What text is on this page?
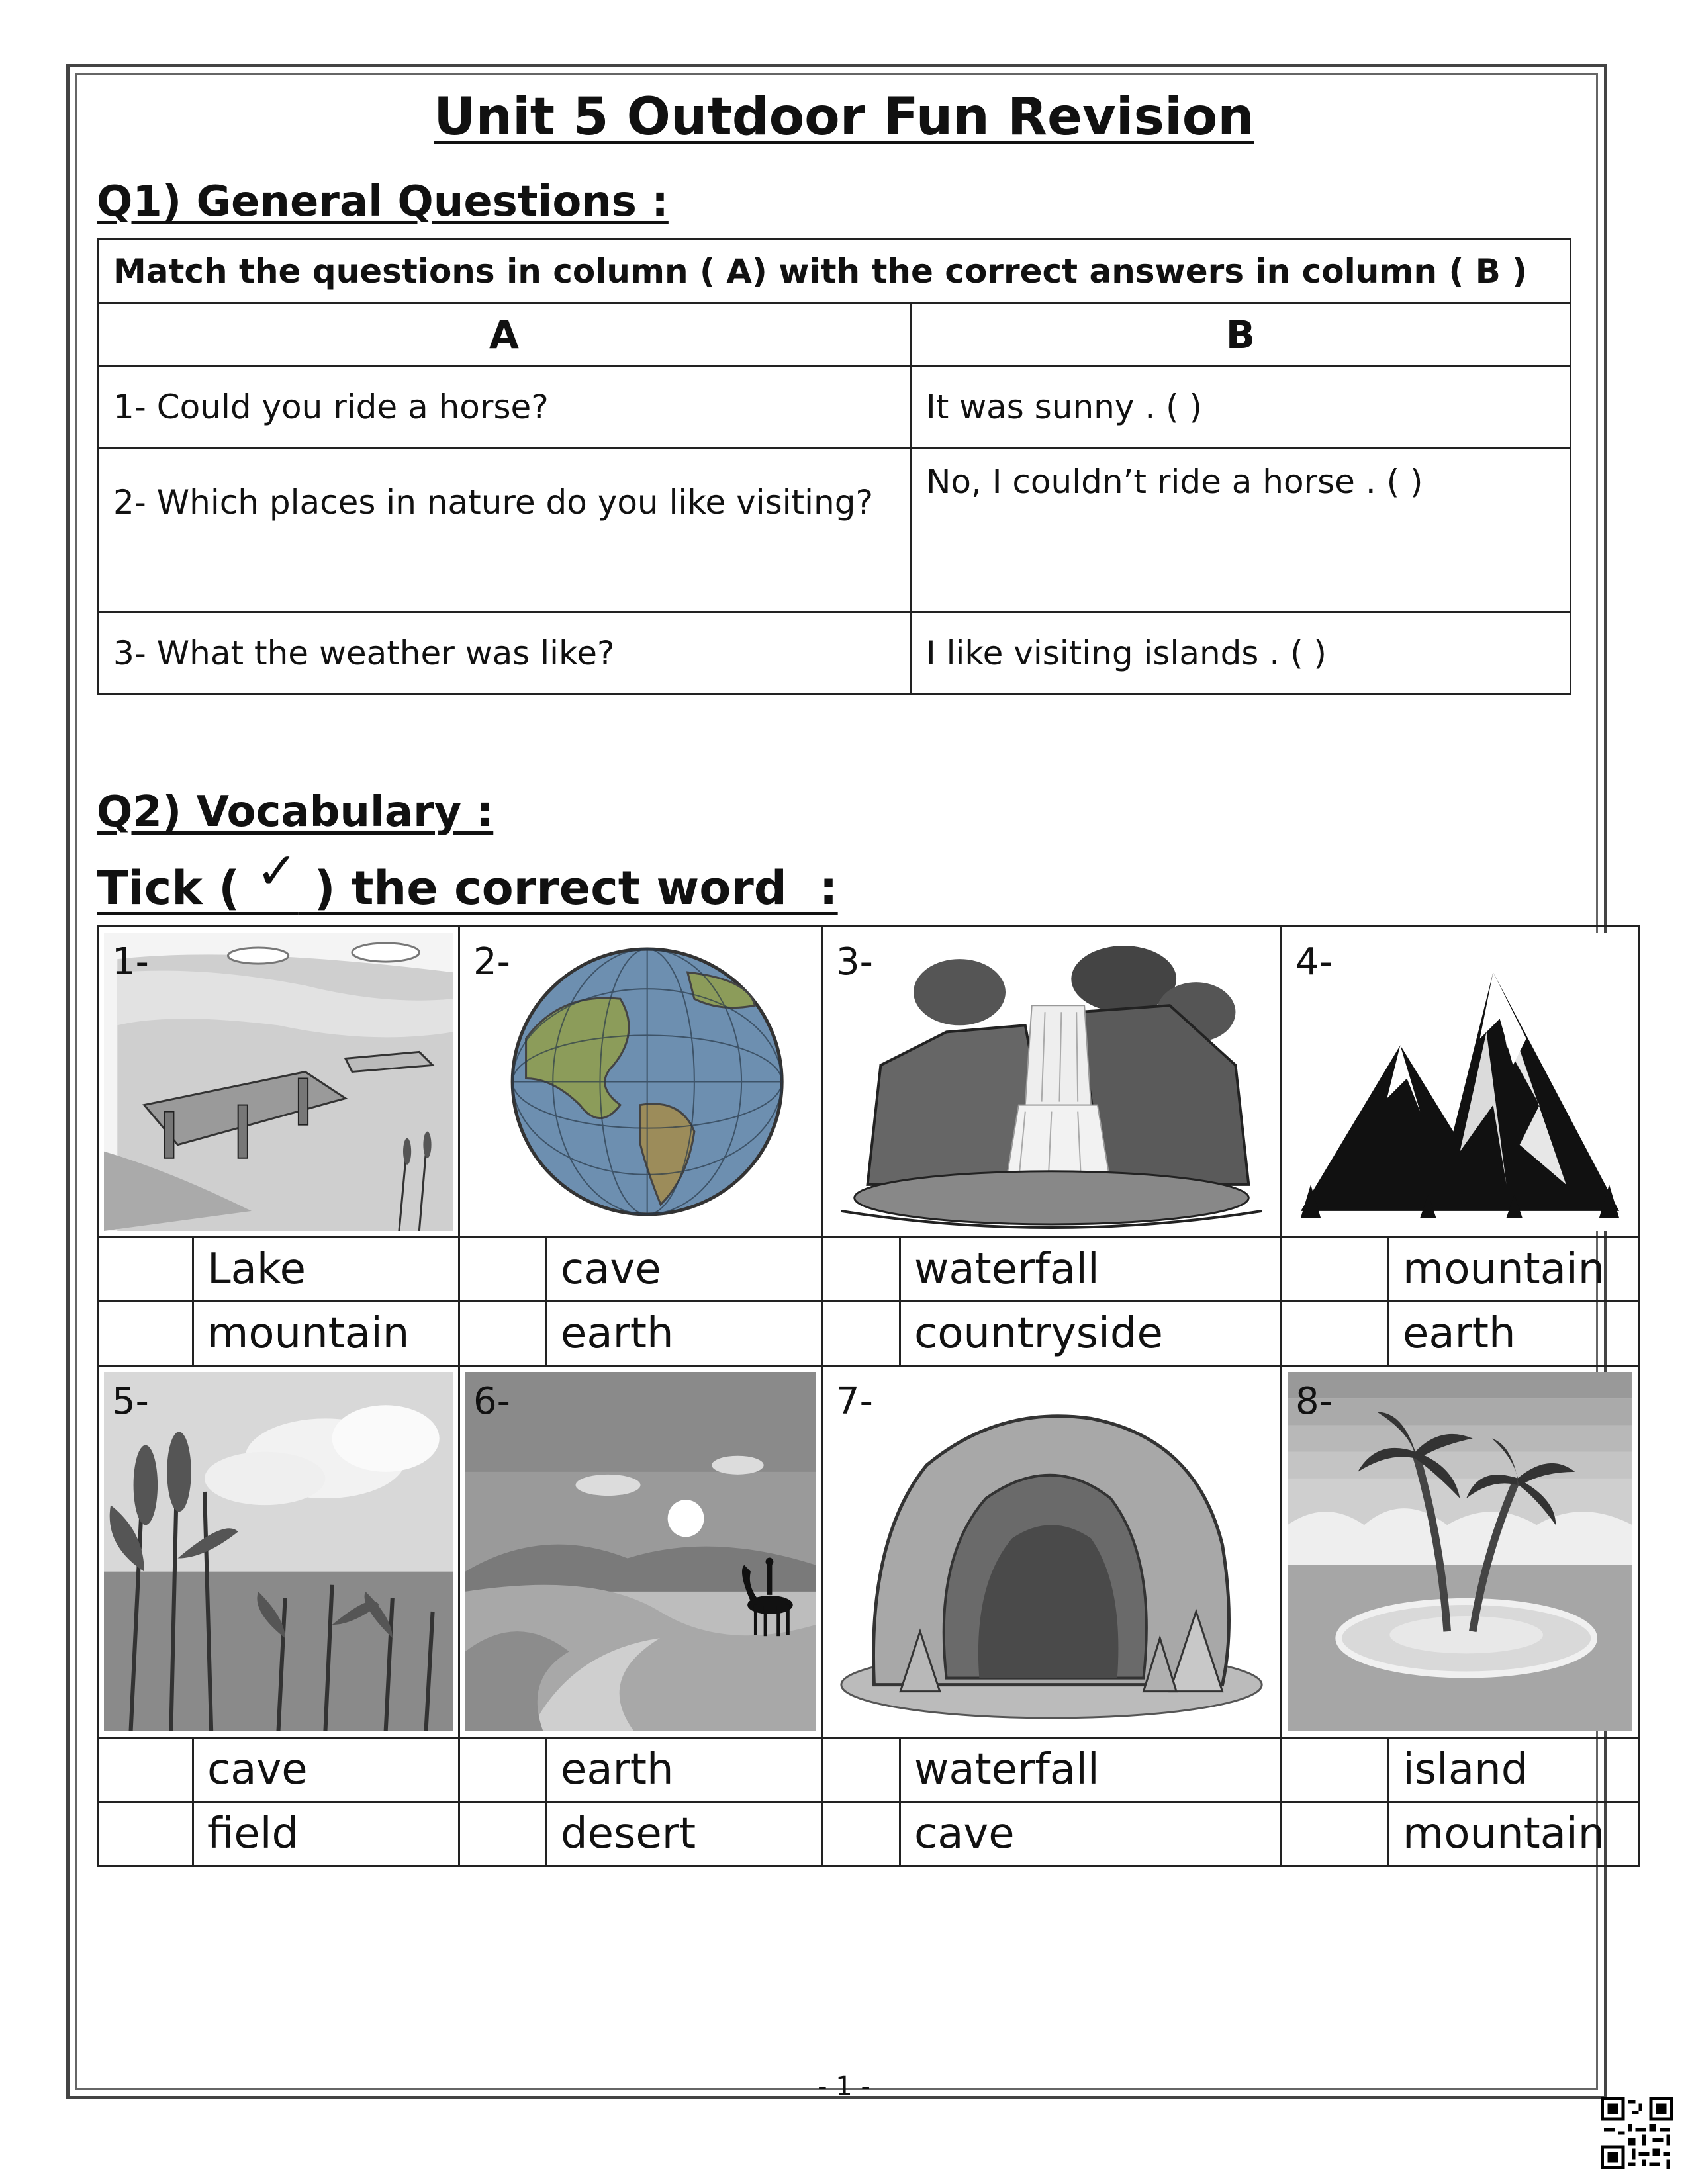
Unit 5 Outdoor Fun Revision
Q1) General Questions :
Match the questions in column ( A) with the correct answers in column ( B )	
A	B
1- Could you ride a horse?	It was sunny . ( )
2- Which places in nature do you like visiting?	No, I couldn’t ride a horse . ( )
3- What the weather was like?	I like visiting islands . ( )
Q2) Vocabulary :
Tick ( ✓ ) the correct word  :
1-		2-		3-		4-	

	Lake		cave		waterfall		mountain
	mountain		earth		countryside		earth

5-		6-		7-		8-	

	cave		earth		waterfall		island
	field		desert		cave		mountain
- 1 -
